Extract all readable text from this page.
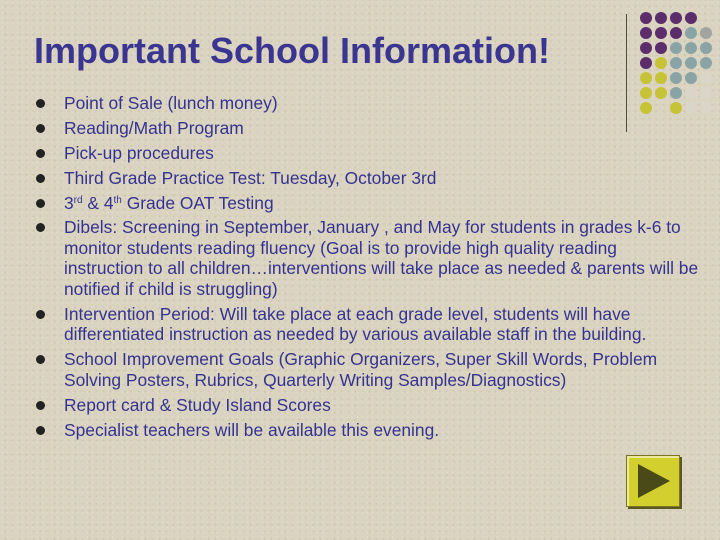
Important School Information!
Point of Sale (lunch money)
Reading/Math Program
Pick-up procedures
Third Grade Practice Test: Tuesday, October 3rd
3rd & 4th Grade OAT Testing
Dibels: Screening in September, January , and May for students in grades k-6 to monitor students reading fluency (Goal is to provide high quality reading instruction to all children…interventions will take place as needed & parents will be notified if child is struggling)
Intervention Period: Will take place at each grade level, students will have differentiated instruction as needed by various available staff in the building.
School Improvement Goals (Graphic Organizers, Super Skill Words, Problem Solving Posters, Rubrics, Quarterly Writing Samples/Diagnostics)
Report card & Study Island Scores
Specialist teachers will be available this evening.
